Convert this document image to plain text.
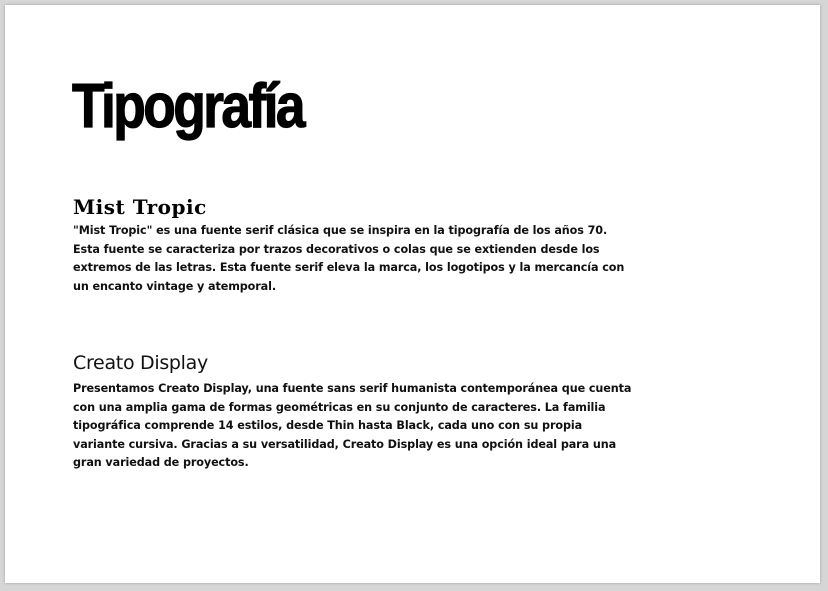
Tipografía
Mist Tropic

"Mist Tropic" es una fuente serif clásica que se inspira en la tipografía de los años 70. Esta fuente se caracteriza por trazos decorativos o colas que se extienden desde los extremos de las letras. Esta fuente serif eleva la marca, los logotipos y la mercancía con un encanto vintage y atemporal.

Creato Display

Presentamos Creato Display, una fuente sans serif humanista contemporánea que cuenta con una amplia gama de formas geométricas en su conjunto de caracteres. La familia tipográfica comprende 14 estilos, desde Thin hasta Black, cada uno con su propia variante cursiva. Gracias a su versatilidad, Creato Display es una opción ideal para una gran variedad de proyectos.
